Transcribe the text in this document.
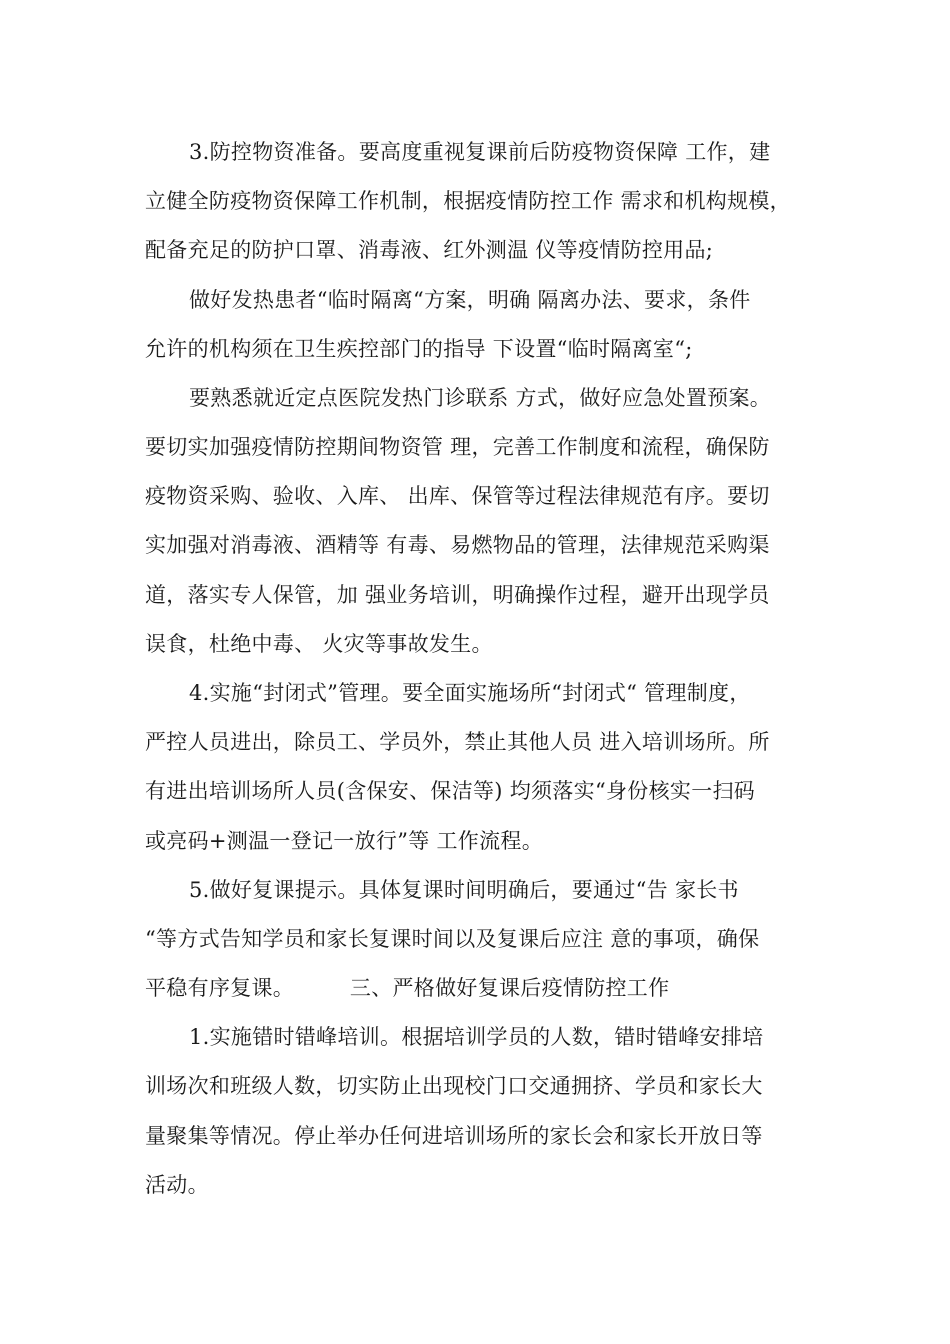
3.防控物资准备。要高度重视复课前后防疫物资保障 工作，建
立健全防疫物资保障工作机制，根据疫情防控工作 需求和机构规模，
配备充足的防护口罩、消毒液、红外测温 仪等疫情防控用品;
做好发热患者“临时隔离“方案，明确 隔离办法、要求，条件
允许的机构须在卫生疾控部门的指导 下设置“临时隔离室“;
要熟悉就近定点医院发热门诊联系 方式，做好应急处置预案。
要切实加强疫情防控期间物资管 理，完善工作制度和流程，确保防
疫物资采购、验收、入库、 出库、保管等过程法律规范有序。要切
实加强对消毒液、酒精等 有毒、易燃物品的管理，法律规范采购渠
道，落实专人保管，加 强业务培训，明确操作过程，避开出现学员
误食，杜绝中毒、 火灾等事故发生。
4.实施“封闭式”管理。要全面实施场所“封闭式“ 管理制度，
严控人员进出，除员工、学员外，禁止其他人员 进入培训场所。所
有进出培训场所人员(含保安、保洁等) 均须落实“身份核实一扫码
或亮码+测温一登记一放行”等 工作流程。
5.做好复课提示。具体复课时间明确后，要通过“告 家长书
“等方式告知学员和家长复课时间以及复课后应注 意的事项，确保
平稳有序复课。        三、严格做好复课后疫情防控工作
1.实施错时错峰培训。根据培训学员的人数，错时错峰安排培
训场次和班级人数，切实防止出现校门口交通拥挤、学员和家长大
量聚集等情况。停止举办任何进培训场所的家长会和家长开放日等
活动。
